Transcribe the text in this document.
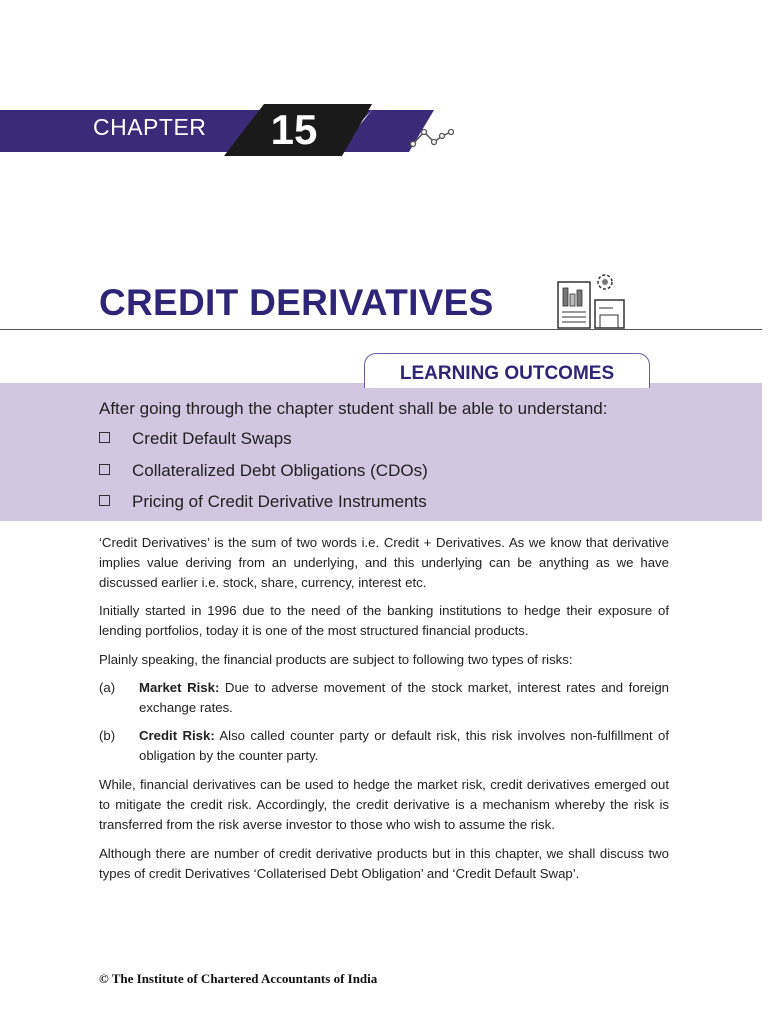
CHAPTER 15
CREDIT DERIVATIVES
LEARNING OUTCOMES
After going through the chapter student shall be able to understand:
Credit Default Swaps
Collateralized Debt Obligations (CDOs)
Pricing of Credit Derivative Instruments
‘Credit Derivatives’ is the sum of two words i.e. Credit + Derivatives. As we know that derivative implies value deriving from an underlying, and this underlying can be anything as we have discussed earlier i.e. stock, share, currency, interest etc.
Initially started in 1996 due to the need of the banking institutions to hedge their exposure of lending portfolios, today it is one of the most structured financial products.
Plainly speaking, the financial products are subject to following two types of risks:
(a) Market Risk: Due to adverse movement of the stock market, interest rates and foreign exchange rates.
(b) Credit Risk: Also called counter party or default risk, this risk involves non-fulfillment of obligation by the counter party.
While, financial derivatives can be used to hedge the market risk, credit derivatives emerged out to mitigate the credit risk. Accordingly, the credit derivative is a mechanism whereby the risk is transferred from the risk averse investor to those who wish to assume the risk.
Although there are number of credit derivative products but in this chapter, we shall discuss two types of credit Derivatives ‘Collaterised Debt Obligation’ and ‘Credit Default Swap’.
© The Institute of Chartered Accountants of India
